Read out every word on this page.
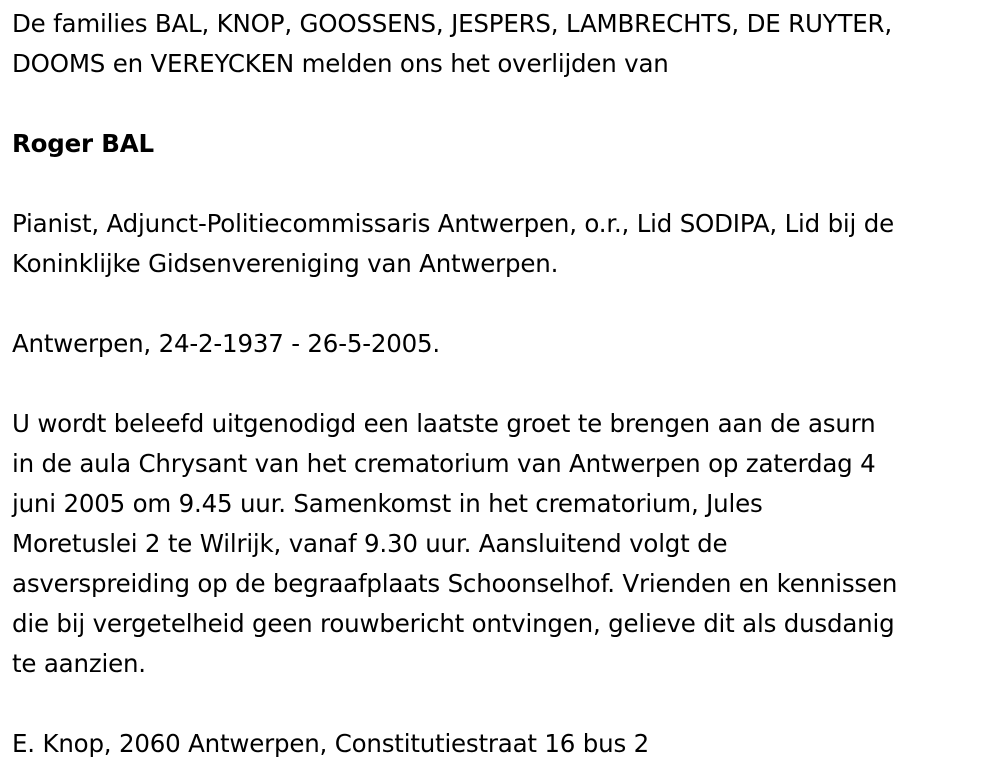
De families BAL, KNOP, GOOSSENS, JESPERS, LAMBRECHTS, DE RUYTER,
DOOMS en VEREYCKEN melden ons het overlijden van

Roger BAL

Pianist, Adjunct-Politiecommissaris Antwerpen, o.r., Lid SODIPA, Lid bij de
Koninklijke Gidsenvereniging van Antwerpen.

Antwerpen, 24-2-1937 - 26-5-2005.

U wordt beleefd uitgenodigd een laatste groet te brengen aan de asurn
in de aula Chrysant van het crematorium van Antwerpen op zaterdag 4
juni 2005 om 9.45 uur. Samenkomst in het crematorium, Jules
Moretuslei 2 te Wilrijk, vanaf 9.30 uur. Aansluitend volgt de
asverspreiding op de begraafplaats Schoonselhof. Vrienden en kennissen
die bij vergetelheid geen rouwbericht ontvingen, gelieve dit als dusdanig
te aanzien.

E. Knop, 2060 Antwerpen, Constitutiestraat 16 bus 2
